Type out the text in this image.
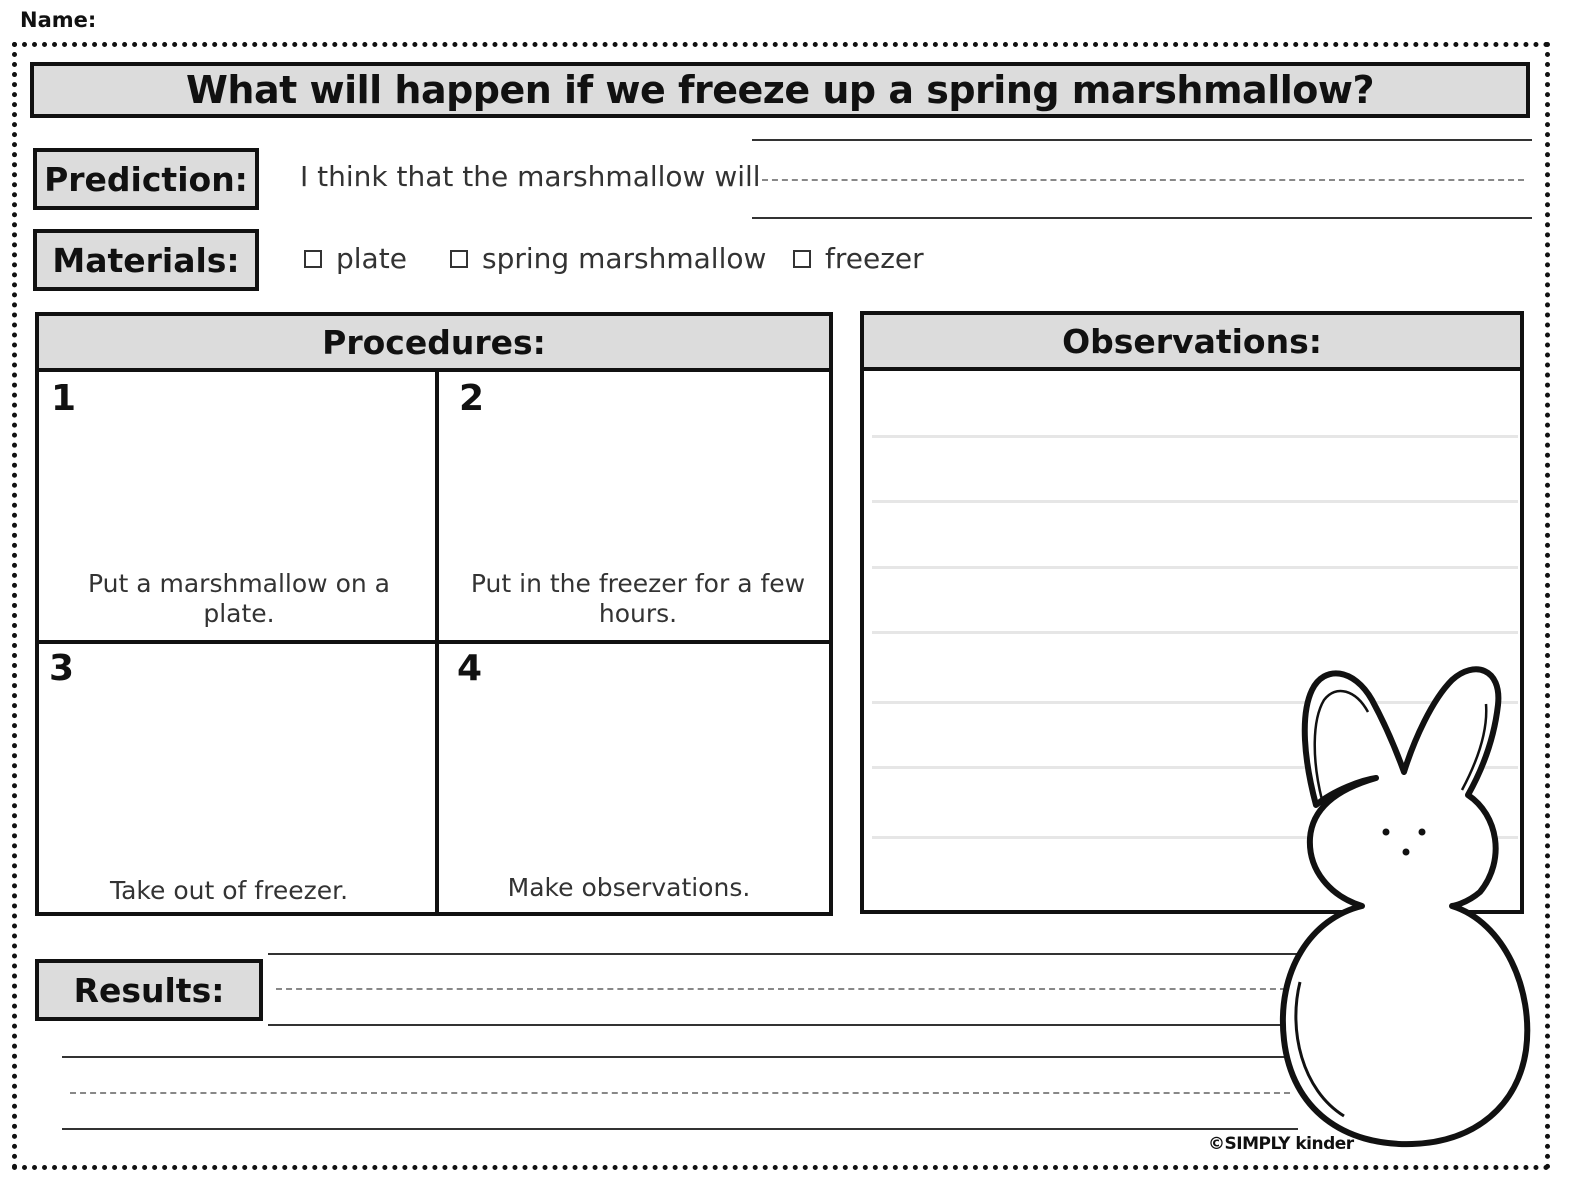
Name:
What will happen if we freeze up a spring marshmallow?
Prediction:	I think that the marshmallow will
Materials:	plate	spring marshmallow freezer
Procedures:
1
Put a marshmallow on a plate.
2
Put in the freezer for a few hours.
3
Take out of freezer.
4
Make observations.
Observations:
Results:
©SIMPLY kinder
